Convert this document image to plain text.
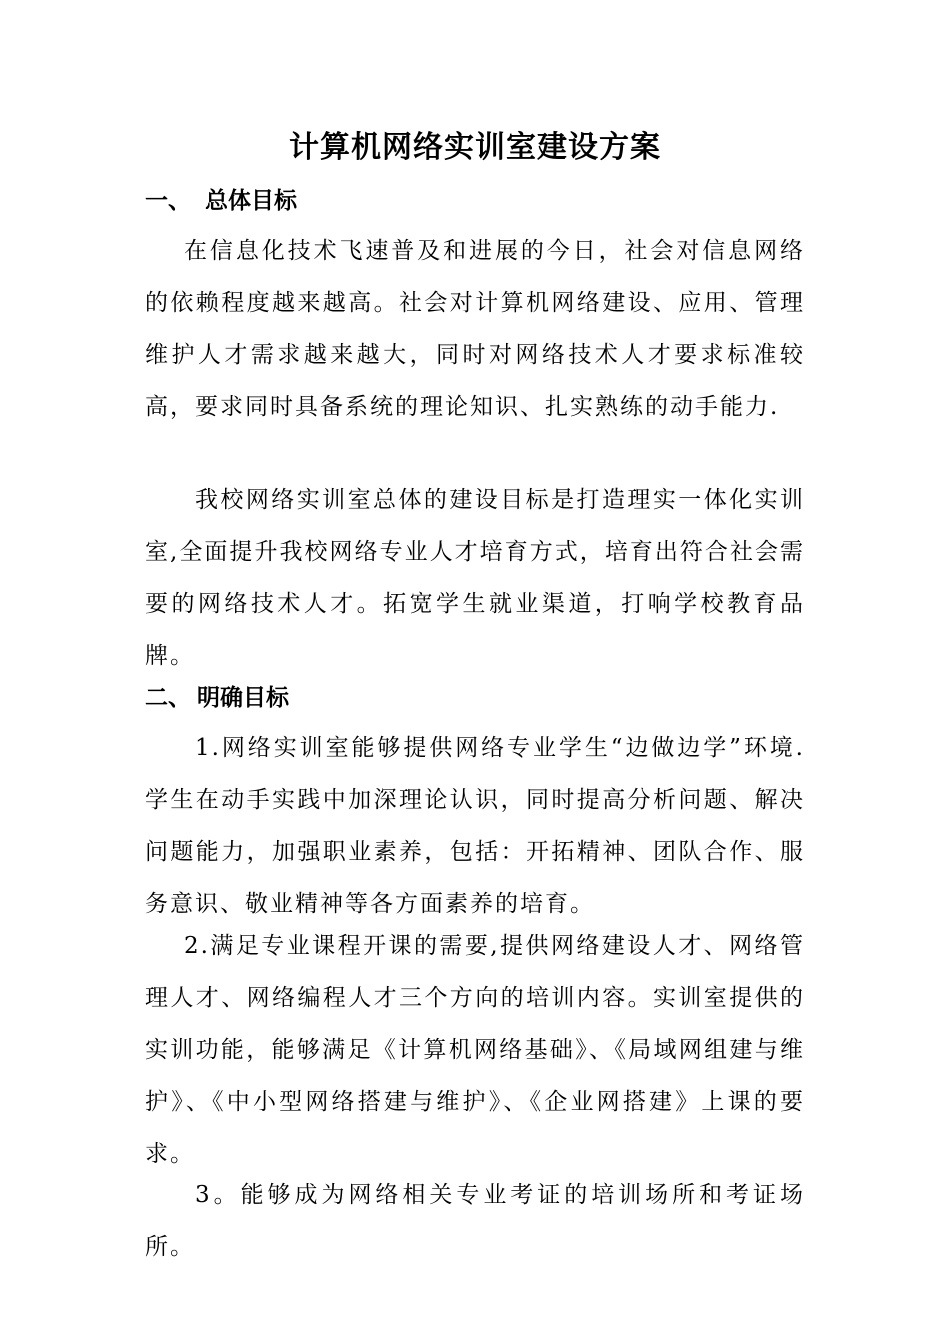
计算机网络实训室建设方案
一、 总体目标

在信息化技术飞速普及和进展的今日，社会对信息网络的依赖程度越来越高。社会对计算机网络建设、应用、管理维护人才需求越来越大，同时对网络技术人才要求标准较高，要求同时具备系统的理论知识、扎实熟练的动手能力.

我校网络实训室总体的建设目标是打造理实一体化实训室,全面提升我校网络专业人才培育方式，培育出符合社会需要的网络技术人才。拓宽学生就业渠道，打响学校教育品牌。

二、 明确目标

1.网络实训室能够提供网络专业学生“边做边学”环境.学生在动手实践中加深理论认识，同时提高分析问题、解决问题能力，加强职业素养，包括：开拓精神、团队合作、服务意识、敬业精神等各方面素养的培育。

2.满足专业课程开课的需要,提供网络建设人才、网络管理人才、网络编程人才三个方向的培训内容。实训室提供的实训功能，能够满足《计算机网络基础》、《局域网组建与维护》、《中小型网络搭建与维护》、《企业网搭建》上课的要求。

3。能够成为网络相关专业考证的培训场所和考证场所。
